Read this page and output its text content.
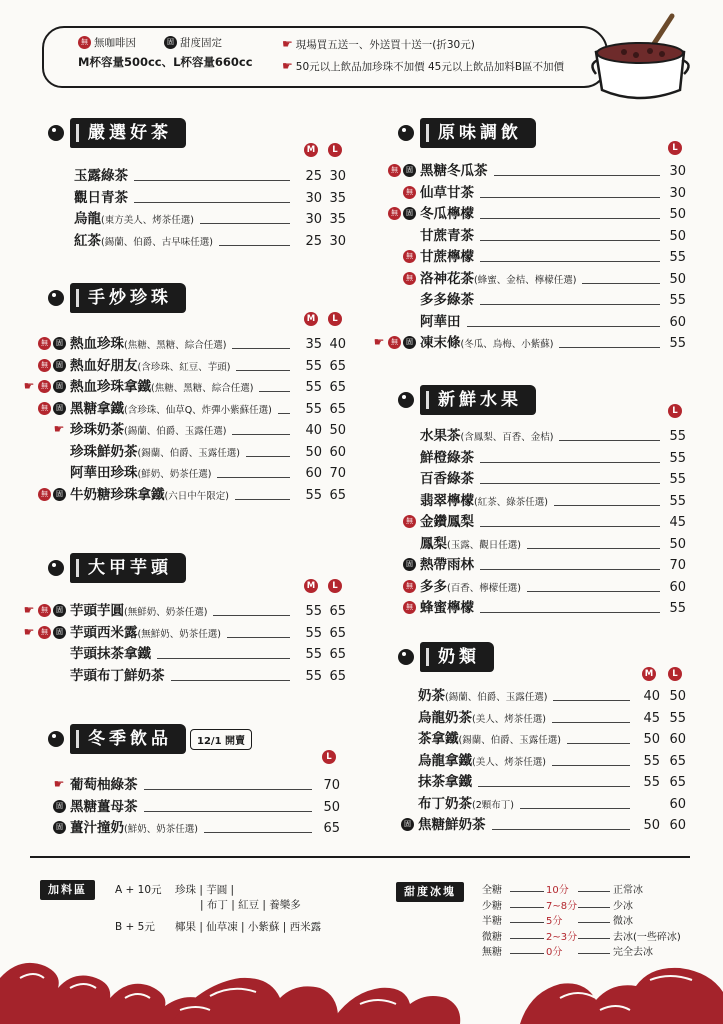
無 無咖啡因	固 甜度固定
M杯容量500cc、L杯容量660cc
☛ 現場買五送一、外送買十送一(折30元)
☛ 50元以上飲品加珍珠不加價 45元以上飲品加料B區不加價
嚴選好茶
M	L
玉露綠茶	25 30
觀日青茶	30 35
烏龍(東方美人、烤茶任選)	30 35
紅茶(錫蘭、伯爵、古早味任選)	25 30
手炒珍珠
M	L
無 固 熱血珍珠(焦糖、黑糖、綜合任選)	35 40
無 固 熱血好朋友(含珍珠、紅豆、芋頭)	55 65
☛ 無 固 熱血珍珠拿鐵(焦糖、黑糖、綜合任選)	55 65
無 固 黑糖拿鐵(含珍珠、仙草Q、炸彈小紫蘇任選)	55 65
☛ 珍珠奶茶(錫蘭、伯爵、玉露任選)	40 50
珍珠鮮奶茶(錫蘭、伯爵、玉露任選)	50 60
阿華田珍珠(鮮奶、奶茶任選)	60 70
無 固 牛奶糖珍珠拿鐵(六日中午限定)	55 65
大甲芋頭
M	L
☛ 無 固 芋頭芋圓(無鮮奶、奶茶任選)	55 65
☛ 無 固 芋頭西米露(無鮮奶、奶茶任選)	55 65
芋頭抹茶拿鐵	55 65
芋頭布丁鮮奶茶	55 65
冬季飲品	12/1 開賣
L
☛ 葡萄柚綠茶	70
固 黑糖薑母茶	50
固 薑汁撞奶(鮮奶、奶茶任選)	65
原味調飲
L
無 固 黑糖冬瓜茶	30
無 仙草甘茶	30
無 固 冬瓜檸檬	50
甘蔗青茶	50
無 甘蔗檸檬	55
無 洛神花茶(蜂蜜、金桔、檸檬任選)	50
多多綠茶	55
阿華田	60
☛ 無 固 凍末條(冬瓜、烏梅、小紫蘇)	55
新鮮水果
L
水果茶(含鳳梨、百香、金桔)	55
鮮橙綠茶	55
百香綠茶	55
翡翠檸檬(紅茶、綠茶任選)	55
無 金鑽鳳梨	45
鳳梨(玉露、觀日任選)	50
固 熱帶雨林	70
無 多多(百香、檸檬任選)	60
無 蜂蜜檸檬	55
奶類
M	L
奶茶(錫蘭、伯爵、玉露任選)	40 50
烏龍奶茶(美人、烤茶任選)	45 55
茶拿鐵(錫蘭、伯爵、玉露任選)	50 60
烏龍拿鐵(美人、烤茶任選)	55 65
抹茶拿鐵	55 65
布丁奶茶(2顆布丁)	60
固 焦糖鮮奶茶	50 60
加料區	A + 10元 珍珠 | 芋圓 |
| 布丁 | 紅豆 | 養樂多
B + 5元 椰果 | 仙草凍 | 小紫蘇 | 西米露
甜度冰塊	全糖	10分	正常冰
少糖	7~8分	少冰
半糖	5分	微冰
微糖	2~3分	去冰(一些碎冰)
無糖	0分	完全去冰
